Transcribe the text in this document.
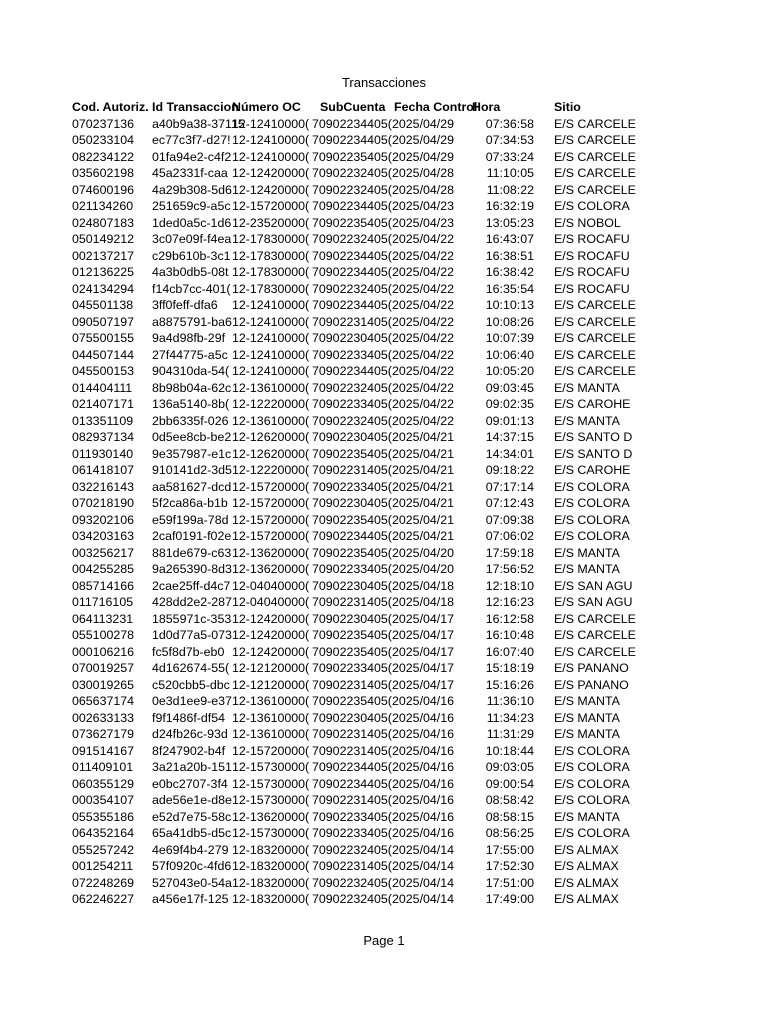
Transacciones
Cod. Autoriz.	Id Transaccion	Número OC	SubCuenta	Fecha Control	Hora	Sitio
070237136	a40b9a38-37115	12-12410000(	70902234405(	2025/04/29	07:36:58	E/S CARCELE
050233104	ec77c3f7-d27!	12-12410000(	70902234405(	2025/04/29	07:34:53	E/S CARCELE
082234122	01fa94e2-c4f2	12-12410000(	70902235405(	2025/04/29	07:33:24	E/S CARCELE
035602198	45a2331f-caa	12-12420000(	70902232405(	2025/04/28	11:10:05	E/S CARCELE
074600196	4a29b308-5d6	12-12420000(	70902232405(	2025/04/28	11:08:22	E/S CARCELE
021134260	251659c9-a5c	12-15720000(	70902234405(	2025/04/23	16:32:19	E/S COLORA
024807183	1ded0a5c-1d6	12-23520000(	70902235405(	2025/04/23	13:05:23	E/S NOBOL
050149212	3c07e09f-f4ea	12-17830000(	70902232405(	2025/04/22	16:43:07	E/S ROCAFU
002137217	c29b610b-3c1	12-17830000(	70902234405(	2025/04/22	16:38:51	E/S ROCAFU
012136225	4a3b0db5-08t	12-17830000(	70902234405(	2025/04/22	16:38:42	E/S ROCAFU
024134294	f14cb7cc-401(	12-17830000(	70902232405(	2025/04/22	16:35:54	E/S ROCAFU
045501138	3ff0feff-dfa6	12-12410000(	70902234405(	2025/04/22	10:10:13	E/S CARCELE
090507197	a8875791-ba6	12-12410000(	70902231405(	2025/04/22	10:08:26	E/S CARCELE
075500155	9a4d98fb-29f	12-12410000(	70902230405(	2025/04/22	10:07:39	E/S CARCELE
044507144	27f44775-a5c	12-12410000(	70902233405(	2025/04/22	10:06:40	E/S CARCELE
045500153	904310da-54(	12-12410000(	70902234405(	2025/04/22	10:05:20	E/S CARCELE
014404111	8b98b04a-62c	12-13610000(	70902232405(	2025/04/22	09:03:45	E/S MANTA
021407171	136a5140-8b(	12-12220000(	70902233405(	2025/04/22	09:02:35	E/S CAROHE
013351109	2bb6335f-026	12-13610000(	70902232405(	2025/04/22	09:01:13	E/S MANTA
082937134	0d5ee8cb-be2	12-12620000(	70902230405(	2025/04/21	14:37:15	E/S SANTO D
011930140	9e357987-e1c	12-12620000(	70902235405(	2025/04/21	14:34:01	E/S SANTO D
061418107	910141d2-3d5	12-12220000(	70902231405(	2025/04/21	09:18:22	E/S CAROHE
032216143	aa581627-dcd	12-15720000(	70902233405(	2025/04/21	07:17:14	E/S COLORA
070218190	5f2ca86a-b1b	12-15720000(	70902230405(	2025/04/21	07:12:43	E/S COLORA
093202106	e59f199a-78d	12-15720000(	70902235405(	2025/04/21	07:09:38	E/S COLORA
034203163	2caf0191-f02e	12-15720000(	70902234405(	2025/04/21	07:06:02	E/S COLORA
003256217	881de679-c63	12-13620000(	70902235405(	2025/04/20	17:59:18	E/S MANTA
004255285	9a265390-8d3	12-13620000(	70902233405(	2025/04/20	17:56:52	E/S MANTA
085714166	2cae25ff-d4c7	12-04040000(	70902230405(	2025/04/18	12:18:10	E/S SAN AGU
011716105	428dd2e2-287	12-04040000(	70902231405(	2025/04/18	12:16:23	E/S SAN AGU
064113231	1855971c-353	12-12420000(	70902230405(	2025/04/17	16:12:58	E/S CARCELE
055100278	1d0d77a5-073	12-12420000(	70902235405(	2025/04/17	16:10:48	E/S CARCELE
000106216	fc5f8d7b-eb0	12-12420000(	70902235405(	2025/04/17	16:07:40	E/S CARCELE
070019257	4d162674-55(	12-12120000(	70902233405(	2025/04/17	15:18:19	E/S PANANO
030019265	c520cbb5-dbc	12-12120000(	70902231405(	2025/04/17	15:16:26	E/S PANANO
065637174	0e3d1ee9-e37	12-13610000(	70902235405(	2025/04/16	11:36:10	E/S MANTA
002633133	f9f1486f-df54	12-13610000(	70902230405(	2025/04/16	11:34:23	E/S MANTA
073627179	d24fb26c-93d	12-13610000(	70902231405(	2025/04/16	11:31:29	E/S MANTA
091514167	8f247902-b4f	12-15720000(	70902231405(	2025/04/16	10:18:44	E/S COLORA
011409101	3a21a20b-151	12-15730000(	70902234405(	2025/04/16	09:03:05	E/S COLORA
060355129	e0bc2707-3f4	12-15730000(	70902234405(	2025/04/16	09:00:54	E/S COLORA
000354107	ade56e1e-d8e	12-15730000(	70902231405(	2025/04/16	08:58:42	E/S COLORA
055355186	e52d7e75-58c	12-13620000(	70902233405(	2025/04/16	08:58:15	E/S MANTA
064352164	65a41db5-d5c	12-15730000(	70902233405(	2025/04/16	08:56:25	E/S COLORA
055257242	4e69f4b4-279	12-18320000(	70902232405(	2025/04/14	17:55:00	E/S ALMAX
001254211	57f0920c-4fd6	12-18320000(	70902231405(	2025/04/14	17:52:30	E/S ALMAX
072248269	527043e0-54a	12-18320000(	70902232405(	2025/04/14	17:51:00	E/S ALMAX
062246227	a456e17f-125	12-18320000(	70902232405(	2025/04/14	17:49:00	E/S ALMAX
Page 1
